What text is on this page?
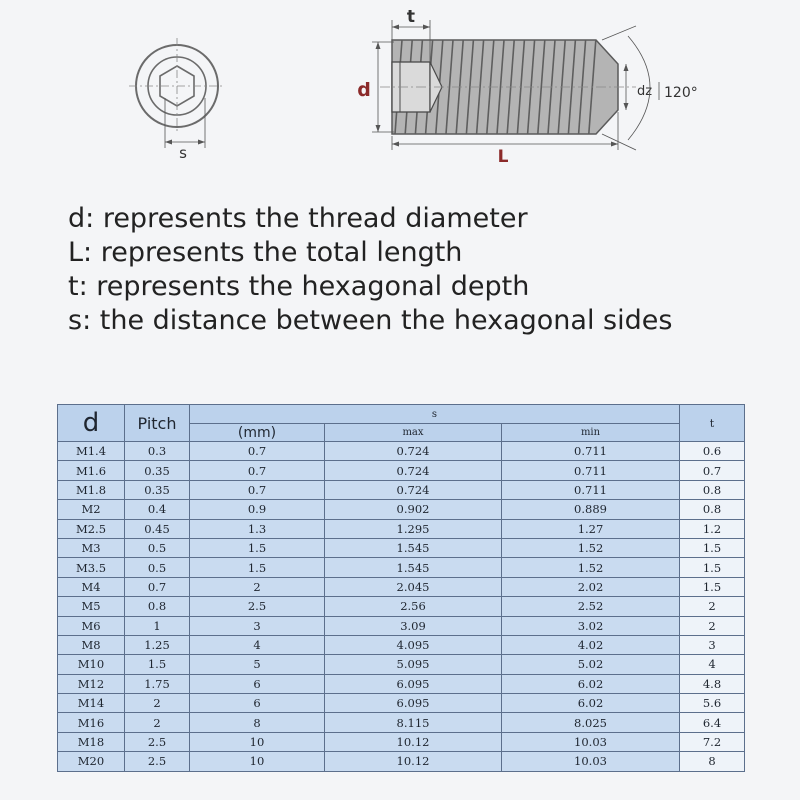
s
dz 120°
d
t
L
d: represents the thread diameter
L: represents the total length
t: represents the hexagonal depth
s: the distance between the hexagonal sides
d	Pitch	s			t
		(mm)	max	min	
M1.4	0.3	0.7	0.724	0.711	0.6
M1.6	0.35	0.7	0.724	0.711	0.7
M1.8	0.35	0.7	0.724	0.711	0.8
M2	0.4	0.9	0.902	0.889	0.8
M2.5	0.45	1.3	1.295	1.27	1.2
M3	0.5	1.5	1.545	1.52	1.5
M3.5	0.5	1.5	1.545	1.52	1.5
M4	0.7	2	2.045	2.02	1.5
M5	0.8	2.5	2.56	2.52	2
M6	1	3	3.09	3.02	2
M8	1.25	4	4.095	4.02	3
M10	1.5	5	5.095	5.02	4
M12	1.75	6	6.095	6.02	4.8
M14	2	6	6.095	6.02	5.6
M16	2	8	8.115	8.025	6.4
M18	2.5	10	10.12	10.03	7.2
M20	2.5	10	10.12	10.03	8
